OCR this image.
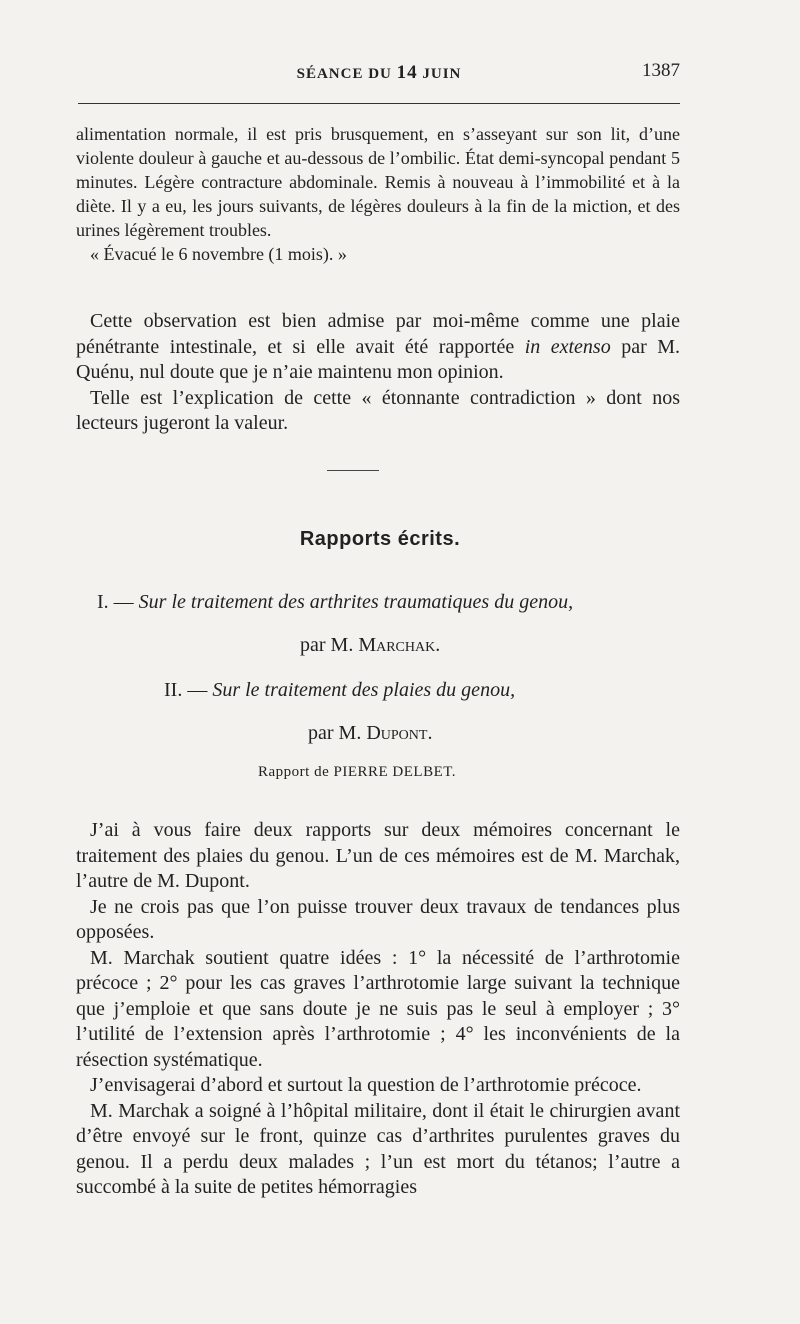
SÉANCE DU 14 JUIN	1387

alimentation normale, il est pris brusquement, en s’asseyant sur son lit, d’une violente douleur à gauche et au-dessous de l’ombilic. État demi-syncopal pendant 5 minutes. Légère contracture abdominale. Remis à nouveau à l’immobilité et à la diète. Il y a eu, les jours suivants, de légères douleurs à la fin de la miction, et des urines légèrement troubles.

« Évacué le 6 novembre (1 mois). »

Cette observation est bien admise par moi-même comme une plaie pénétrante intestinale, et si elle avait été rapportée in extenso par M. Quénu, nul doute que je n’aie maintenu mon opinion.

Telle est l’explication de cette « étonnante contradiction » dont nos lecteurs jugeront la valeur.

Rapports écrits.
I. — Sur le traitement des arthrites traumatiques du genou,
par M. Marchak.
II. — Sur le traitement des plaies du genou,
par M. Dupont.
Rapport de PIERRE DELBET.

J’ai à vous faire deux rapports sur deux mémoires concernant le traitement des plaies du genou. L’un de ces mémoires est de M. Marchak, l’autre de M. Dupont.

Je ne crois pas que l’on puisse trouver deux travaux de tendances plus opposées.

M. Marchak soutient quatre idées : 1° la nécessité de l’arthrotomie précoce ; 2° pour les cas graves l’arthrotomie large suivant la technique que j’emploie et que sans doute je ne suis pas le seul à employer ; 3° l’utilité de l’extension après l’arthrotomie ; 4° les inconvénients de la résection systématique.

J’envisagerai d’abord et surtout la question de l’arthrotomie précoce.

M. Marchak a soigné à l’hôpital militaire, dont il était le chirurgien avant d’être envoyé sur le front, quinze cas d’arthrites purulentes graves du genou. Il a perdu deux malades ; l’un est mort du tétanos; l’autre a succombé à la suite de petites hémorragies
